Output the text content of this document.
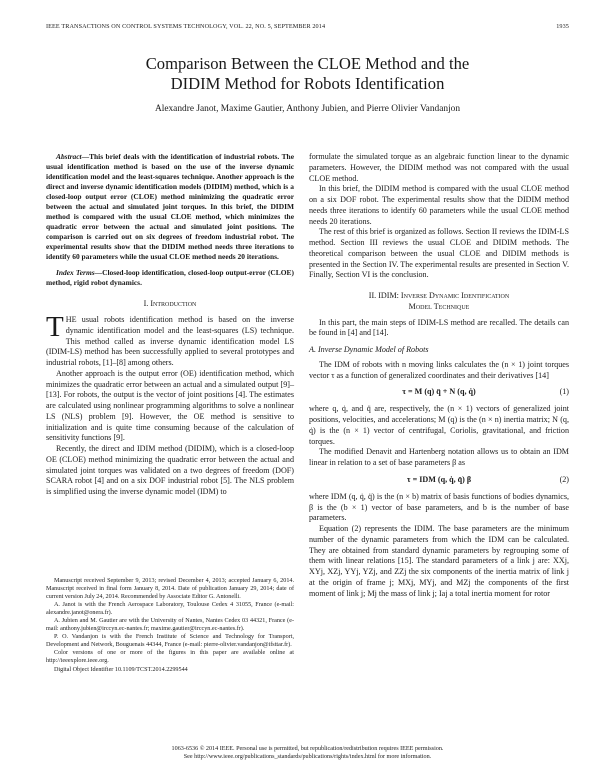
IEEE TRANSACTIONS ON CONTROL SYSTEMS TECHNOLOGY, VOL. 22, NO. 5, SEPTEMBER 2014	1935
Comparison Between the CLOE Method and the
DIDIM Method for Robots Identification
Alexandre Janot, Maxime Gautier, Anthony Jubien, and Pierre Olivier Vandanjon

Abstract—This brief deals with the identification of industrial robots. The usual identification method is based on the use of the inverse dynamic identification model and the least-squares technique. Another approach is the direct and inverse dynamic identification models (DIDIM) method, which is a closed-loop output error (CLOE) method minimizing the quadratic error between the actual and simulated joint torques. In this brief, the DIDIM method is compared with the usual CLOE method, which minimizes the quadratic error between the actual and simulated joint positions. The comparison is carried out on six degrees of freedom industrial robot. The experimental results show that the DIDIM method needs three iterations to identify 60 parameters while the usual CLOE method needs 20 iterations.

Index Terms—Closed-loop identification, closed-loop output-error (CLOE) method, rigid robot dynamics.

I. Introduction

THE usual robots identification method is based on the inverse dynamic identification model and the least-squares (LS) technique. This method called as inverse dynamic identification model LS (IDIM-LS) method has been successfully applied to several prototypes and industrial robots, [1]–[8] among others.

Another approach is the output error (OE) identification method, which minimizes the quadratic error between an actual and a simulated output [9]–[13]. For robots, the output is the vector of joint positions [4]. The estimates are calculated using nonlinear programming algorithms to solve a nonlinear LS (NLS) problem [9]. However, the OE method is sensitive to initialization and is quite time consuming because of the calculation of sensitivity functions [9].

Recently, the direct and IDIM method (DIDIM), which is a closed-loop OE (CLOE) method minimizing the quadratic error between the actual and simulated joint torques was validated on a two degrees of freedom (DOF) SCARA robot [4] and on a six DOF industrial robot [5]. The NLS problem is simplified using the inverse dynamic model (IDM) to

Manuscript received September 9, 2013; revised December 4, 2013; accepted January 6, 2014. Manuscript received in final form January 8, 2014. Date of publication January 29, 2014; date of current version July 24, 2014. Recommended by Associate Editor G. Antonelli.

A. Janot is with the French Aerospace Laboratory, Toulouse Cedex 4 31055, France (e-mail: alexandre.janot@onera.fr).

A. Jubien and M. Gautier are with the University of Nantes, Nantes Cedex 03 44321, France (e-mail: anthony.jubien@irccyn.ec-nantes.fr; maxime.gautier@irccyn.ec-nantes.fr).

P. O. Vandanjon is with the French Institute of Science and Technology for Transport, Development and Network, Bouguenais 44344, France (e-mail: pierre-olivier.vandanjon@ifsttar.fr).

Color versions of one or more of the figures in this paper are available online at http://ieeexplore.ieee.org.

Digital Object Identifier 10.1109/TCST.2014.2299544

formulate the simulated torque as an algebraic function linear to the dynamic parameters. However, the DIDIM method was not compared with the usual CLOE method.

In this brief, the DIDIM method is compared with the usual CLOE method on a six DOF robot. The experimental results show that the DIDIM method needs three iterations to identify 60 parameters while the usual CLOE method needs 20 iterations.

The rest of this brief is organized as follows. Section II reviews the IDIM-LS method. Section III reviews the usual CLOE and DIDIM methods. The theoretical comparison between the usual CLOE and DIDIM methods is presented in the Section IV. The experimental results are presented in Section V. Finally, Section VI is the conclusion.

II. IDIM: Inverse Dynamic Identification
Model Technique

In this part, the main steps of IDIM-LS method are recalled. The details can be found in [4] and [14].

A. Inverse Dynamic Model of Robots

The IDM of robots with n moving links calculates the (n × 1) joint torques vector τ as a function of generalized coordinates and their derivatives [14]

τ = M (q) q̈ + N (q, q̇)	(1)

where q, q̇, and q̈ are, respectively, the (n × 1) vectors of generalized joint positions, velocities, and accelerations; M (q) is the (n × n) inertia matrix; N (q, q̇) is the (n × 1) vector of centrifugal, Coriolis, gravitational, and friction torques.

The modified Denavit and Hartenberg notation allows us to obtain an IDM linear in relation to a set of base parameters β as

τ = IDM (q, q̇, q̈) β	(2)

where IDM (q, q̇, q̈) is the (n × b) matrix of basis functions of bodies dynamics, β is the (b × 1) vector of base parameters, and b is the number of base parameters.

Equation (2) represents the IDIM. The base parameters are the minimum number of the dynamic parameters from which the IDM can be calculated. They are obtained from standard dynamic parameters by regrouping some of them with linear relations [15]. The standard parameters of a link j are: XXj, XYj, XZj, YYj, YZj, and ZZj the six components of the inertia matrix of link j at the origin of frame j; MXj, MYj, and MZj the components of the first moment of link j; Mj the mass of link j; Iaj a total inertia moment for rotor

1063-6536 © 2014 IEEE. Personal use is permitted, but republication/redistribution requires IEEE permission.
See http://www.ieee.org/publications_standards/publications/rights/index.html for more information.
